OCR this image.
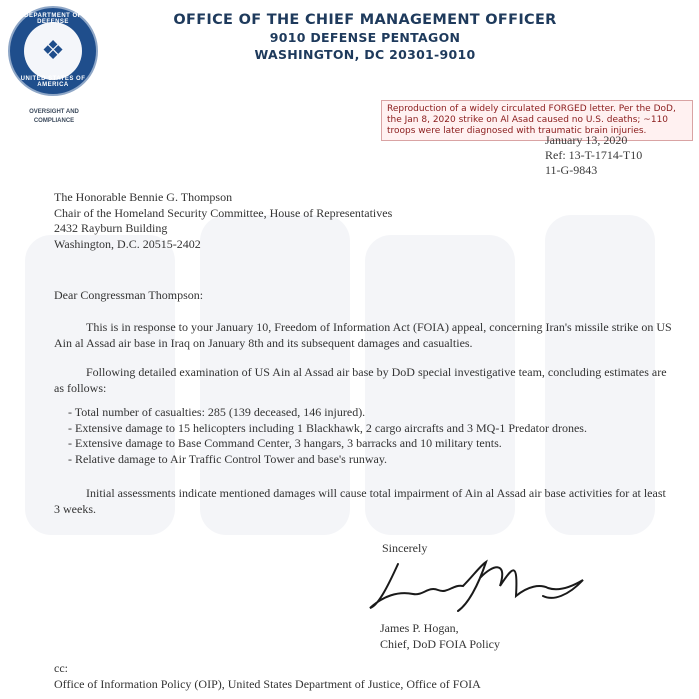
DEPARTMENT OF DEFENSE
❖
UNITED STATES OF AMERICA
OVERSIGHT AND
COMPLIANCE
OFFICE OF THE CHIEF MANAGEMENT OFFICER
9010 DEFENSE PENTAGON
WASHINGTON, DC 20301-9010
Reproduction of a widely circulated FORGED letter. Per the DoD, the Jan 8, 2020 strike on Al Asad caused no U.S. deaths; ~110 troops were later diagnosed with traumatic brain injuries.
January 13, 2020
Ref: 13-T-1714-T10
11-G-9843
The Honorable Bennie G. Thompson
Chair of the Homeland Security Committee, House of Representatives
2432 Rayburn Building
Washington, D.C. 20515-2402
Dear Congressman Thompson:
This is in response to your January 10, Freedom of Information Act (FOIA) appeal, concerning Iran's missile strike on US Ain al Assad air base in Iraq on January 8th and its subsequent damages and casualties.
Following detailed examination of US Ain al Assad air base by DoD special investigative team, concluding estimates are as follows:
- Total number of casualties: 285 (139 deceased, 146 injured).
- Extensive damage to 15 helicopters including 1 Blackhawk, 2 cargo aircrafts and 3 MQ-1 Predator drones.
- Extensive damage to Base Command Center, 3 hangars, 3 barracks and 10 military tents.
- Relative damage to Air Traffic Control Tower and base's runway.
Initial assessments indicate mentioned damages will cause total impairment of Ain al Assad air base activities for at least 3 weeks.
Sincerely
James P. Hogan,
Chief, DoD FOIA Policy
cc:
Office of Information Policy (OIP), United States Department of Justice, Office of FOIA
